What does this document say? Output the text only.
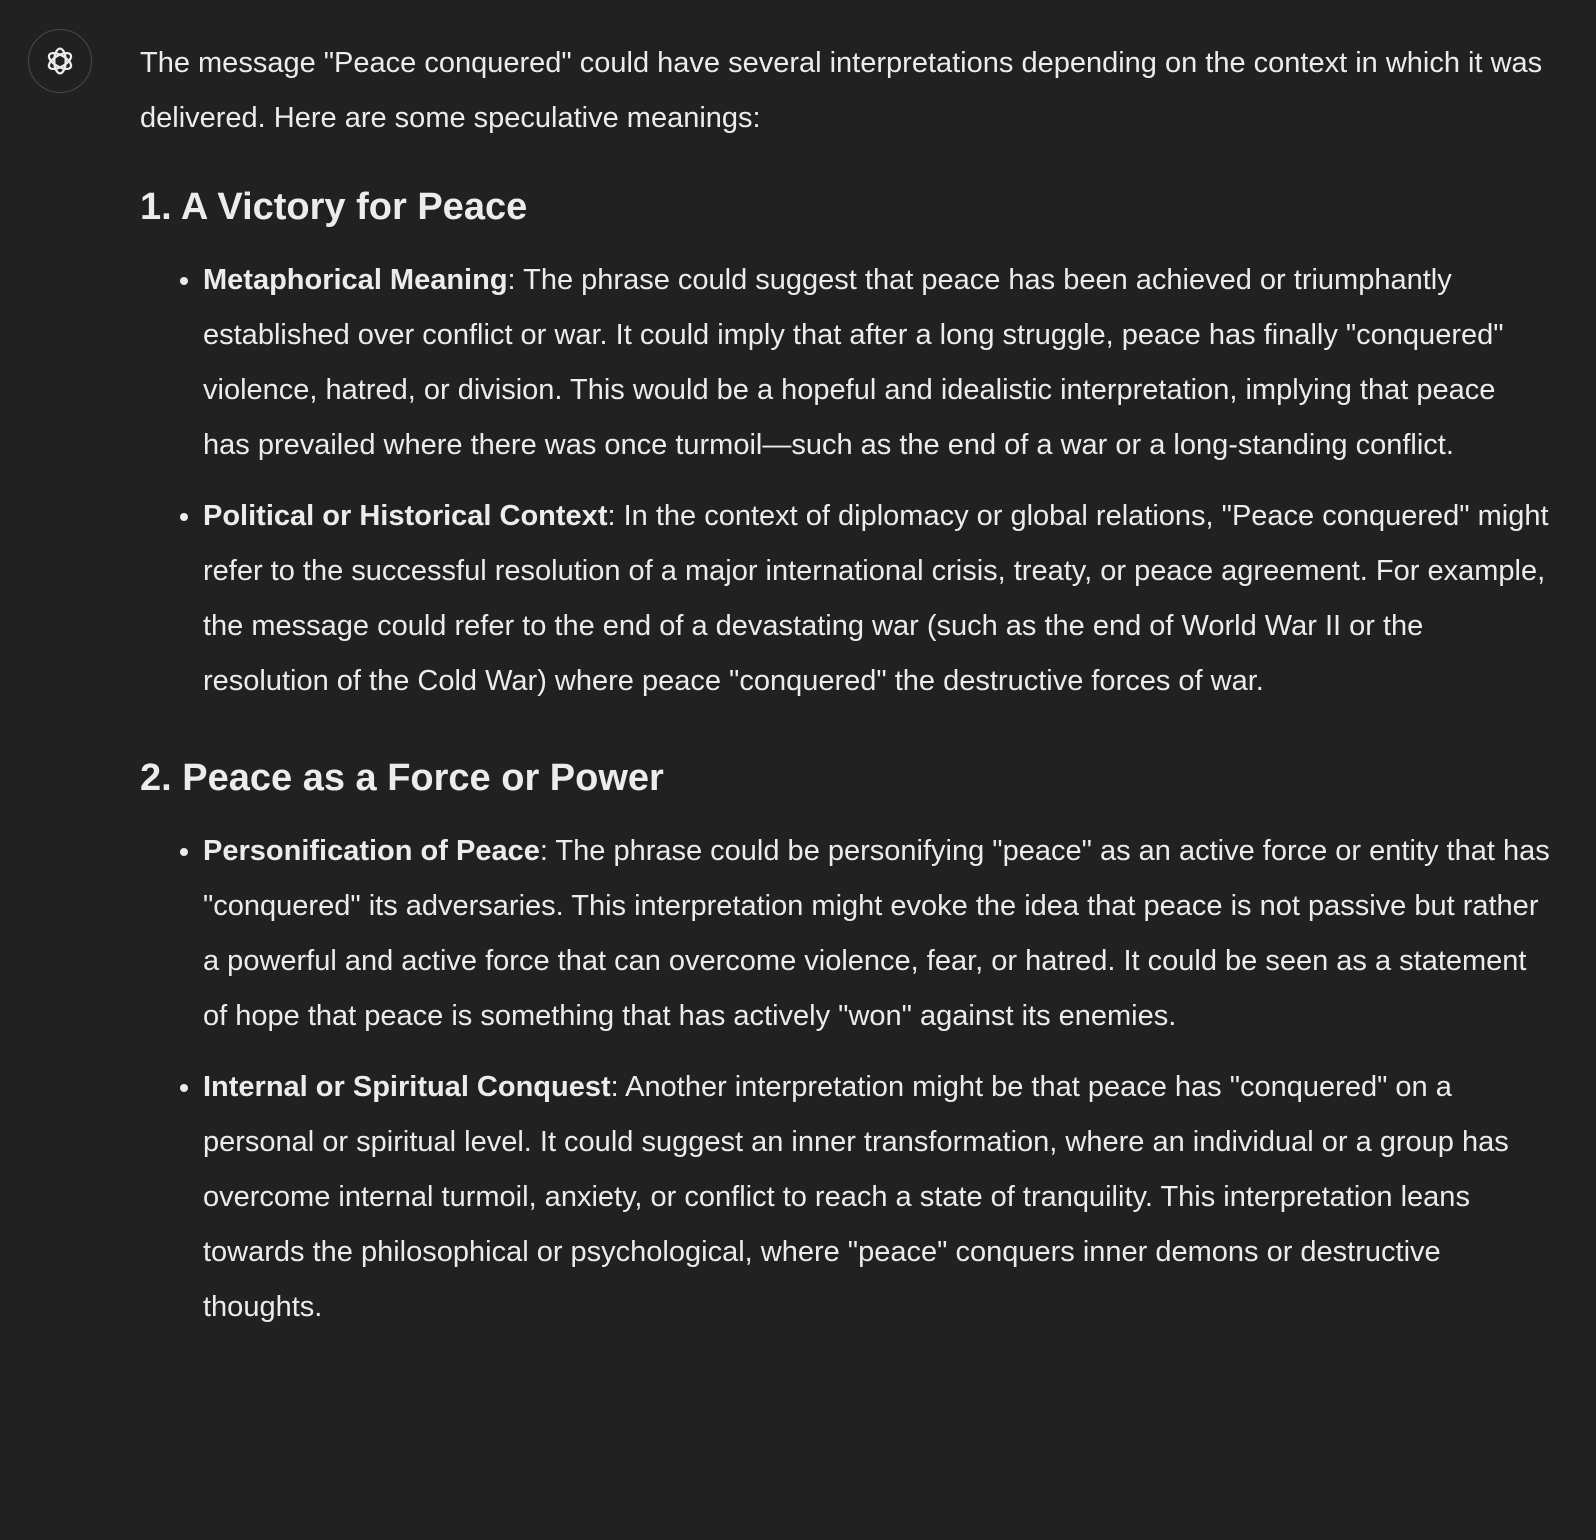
The message "Peace conquered" could have several interpretations depending on the context in which it was delivered. Here are some speculative meanings:

1. A Victory for Peace
• Metaphorical Meaning: The phrase could suggest that peace has been achieved or triumphantly established over conflict or war. It could imply that after a long struggle, peace has finally "conquered" violence, hatred, or division. This would be a hopeful and idealistic interpretation, implying that peace has prevailed where there was once turmoil—such as the end of a war or a long-standing conflict.
• Political or Historical Context: In the context of diplomacy or global relations, "Peace conquered" might refer to the successful resolution of a major international crisis, treaty, or peace agreement. For example, the message could refer to the end of a devastating war (such as the end of World War II or the resolution of the Cold War) where peace "conquered" the destructive forces of war.
2. Peace as a Force or Power
• Personification of Peace: The phrase could be personifying "peace" as an active force or entity that has "conquered" its adversaries. This interpretation might evoke the idea that peace is not passive but rather a powerful and active force that can overcome violence, fear, or hatred. It could be seen as a statement of hope that peace is something that has actively "won" against its enemies.
• Internal or Spiritual Conquest: Another interpretation might be that peace has "conquered" on a personal or spiritual level. It could suggest an inner transformation, where an individual or a group has overcome internal turmoil, anxiety, or conflict to reach a state of tranquility. This interpretation leans towards the philosophical or psychological, where "peace" conquers inner demons or destructive thoughts.
